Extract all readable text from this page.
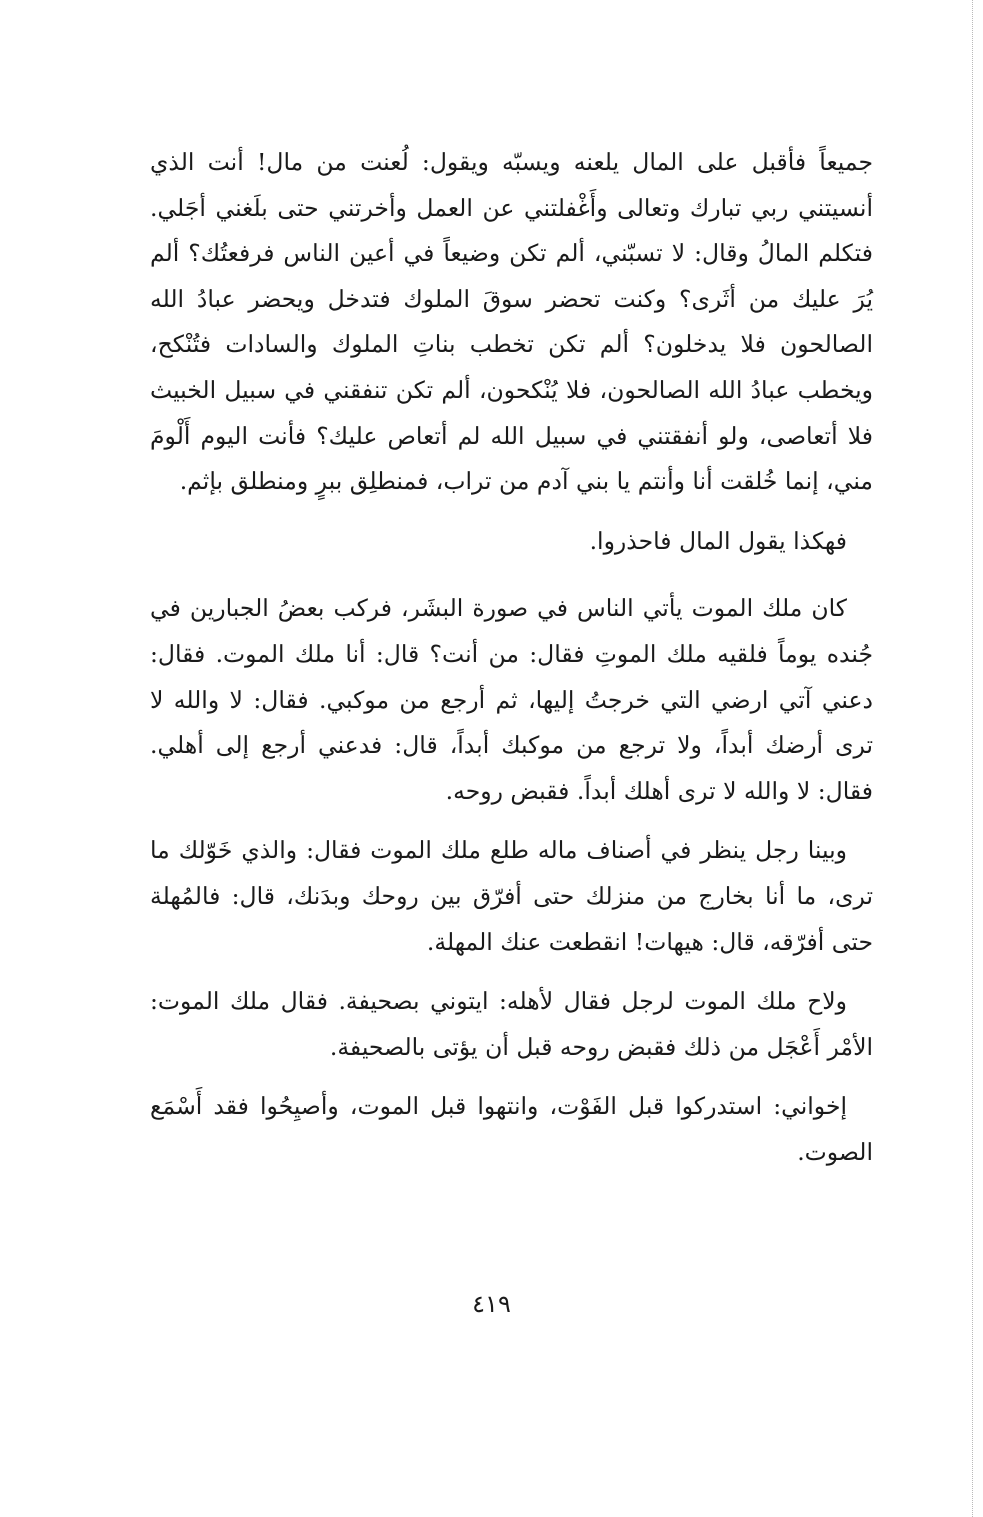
جميعاً فأقبل على المال يلعنه ويسبّه ويقول: لُعنت من مال! أنت الذي أنسيتني ربي تبارك وتعالى وأَغْفلتني عن العمل وأخرتني حتى بلَغني أجَلي. فتكلم المالُ وقال: لا تسبّني، ألم تكن وضيعاً في أعين الناس فرفعتُك؟ ألم يُرَ عليك من أثَرى؟ وكنت تحضر سوقَ الملوك فتدخل ويحضر عبادُ الله الصالحون فلا يدخلون؟ ألم تكن تخطب بناتِ الملوك والسادات فتُنْكح، ويخطب عبادُ الله الصالحون، فلا يُنْكحون، ألم تكن تنفقني في سبيل الخبيث فلا أتعاصى، ولو أنفقتني في سبيل الله لم أتعاص عليك؟ فأنت اليوم أَلْومَ مني، إنما خُلقت أنا وأنتم يا بني آدم من تراب، فمنطلِق ببرٍ ومنطلق بإثم.

فهكذا يقول المال فاحذروا.

كان ملك الموت يأتي الناس في صورة البشَر، فركب بعضُ الجبارين في جُنده يوماً فلقيه ملك الموتِ فقال: من أنت؟ قال: أنا ملك الموت. فقال: دعني آتي ارضي التي خرجتُ إليها، ثم أرجع من موكبي. فقال: لا والله لا ترى أرضك أبداً، ولا ترجع من موكبك أبداً، قال: فدعني أرجع إلى أهلي. فقال: لا والله لا ترى أهلك أبداً. فقبض روحه.

وبينا رجل ينظر في أصناف ماله طلع ملك الموت فقال: والذي خَوّلك ما ترى، ما أنا بخارج من منزلك حتى أفرّق بين روحك وبدَنك، قال: فالمُهلة حتى أفرّقه، قال: هيهات! انقطعت عنك المهلة.

ولاح ملك الموت لرجل فقال لأهله: ايتوني بصحيفة. فقال ملك الموت: الأمْر أَعْجَل من ذلك فقبض روحه قبل أن يؤتى بالصحيفة.

إخواني: استدركوا قبل الفَوْت، وانتهوا قبل الموت، وأصيِحُوا فقد أَسْمَع الصوت.

٤١٩
